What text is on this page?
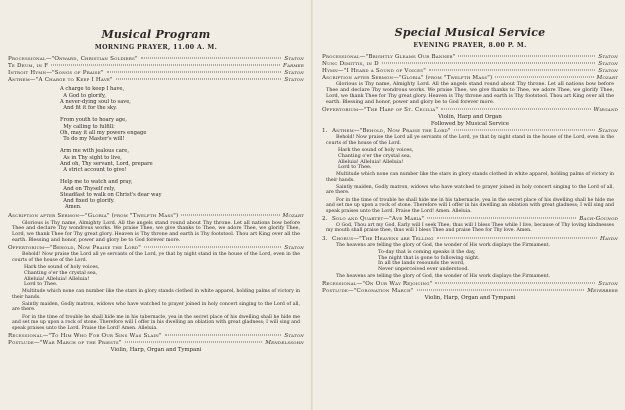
Musical Program
MORNING PRAYER, 11.00 A. M.
Processional—"Onward, Christian Soldiers"	Staton
Te Deum, in F	Farmer
Introit Hymn—"Songs of Praise"	Staton
Anthem—"A Charge to Keep I Have"	Staton
A charge to keep I have,
A God to glorify,
A never-dying soul to save,
And fit it for the sky.

From youth to hoary age,
My calling to fulfill:
Oh, may it all my powers engage
To do my Master's will!

Arm me with jealous care,
As in Thy sight to live,
And oh, Thy servant, Lord, prepare
A strict account to give!

Help me to watch and pray,
And on Thyself rely,
Steadfast to walk on Christ's dear way
And fixed to glorify.
Amen.
Ascription after Sermon—"Gloria" (from "Twelfth Mass")	Mozart
Glorious is Thy name, Almighty Lord. All the angels stand round about Thy throne. Let all nations bow before Thee and declare Thy wondrous works. We praise Thee, we give thanks to Thee, we adore Thee, we glorify Thee, Lord, we thank Thee for Thy great glory. Heaven is Thy throne and earth is Thy footstool. Thou art King over all the earth. Blessing and honor, power and glory be to God forever more.
Offertorium—"Behold, Now Praise the Lord"	Staton
Behold! Now praise the Lord all ye servants of the Lord, ye that by night stand in the house of the Lord, even in the courts of the house of the Lord.
Hark the sound of holy voices,
Chanting o'er the crystal sea,
Alleluia! Alleluia! Alleluia!
Lord to Thee.
Multitude which none can number like the stars in glory stands clothed in white apparel, holding palms of victory in their hands.
Saintly maiden, Godly matron, widows who have watched to prayer joined in holy concert singing to the Lord of all, are there.
For in the time of trouble he shall hide me in his tabernacle, yea in the secret place of his dwelling shall he hide me and set me up upon a rock of stone. Therefore will I offer in his dwelling an oblation with great gladness; I will sing and speak praises unto the Lord. Praise the Lord! Amen. Alleluia.
Recessional—"To Him Who For Our Sins Was Slain"	Staton
Postlude—"War March of the Priests"	Mendelssohn
Violin, Harp, Organ and Tympani
Special Musical Service
EVENING PRAYER, 8.00 P. M.
Processional—"Brightly Gleams Our Banner"	Staton
Nunc Dimittis, in D	Staton
Hymn—"I Heard a Sound of Voices"	Staton
Ascription after Sermon—"Gloria" (from "Twelfth Mass")	Mozart
Glorious is Thy name, Almighty Lord. All the angels stand round about Thy throne. Let all nations bow before Thee and declare Thy wondrous works. We praise Thee, we give thanks to Thee, we adore Thee, we glorify Thee, Lord, we thank Thee for Thy great glory. Heaven is Thy throne and earth is Thy footstool. Thou art King over all the earth. Blessing and honor, power and glory be to God forever more.
Offertorium—"The Harp of St. Cecilia"	Wiegand
Violin, Harp and Organ
Followed by Musical Service
1. Anthem—"Behold, Now Praise the Lord"	Staton
Behold! Now praise the Lord all ye servants of the Lord, ye that by night stand in the house of the Lord, even in the courts of the house of the Lord.
Hark the sound of holy voices,
Chanting o'er the crystal sea,
Alleluia! Alleluia! Alleluia!
Lord to Thee.
Multitude which none can number like the stars in glory stands clothed in white apparel, holding palms of victory in their hands.
Saintly maiden, Godly matron, widows who have watched to prayer joined in holy concert singing to the Lord of all, are there.
For in the time of trouble he shall hide me in his tabernacle, yea in the secret place of his dwelling shall he hide me and set me up upon a rock of stone. Therefore will I offer in his dwelling an oblation with great gladness; I will sing and speak praises unto the Lord. Praise the Lord! Amen. Alleluia.
2. Solo and Quartet—"Ave Maria"	Bach-Gounod
O God, Thou art my God. Early will I seek Thee, thus will I bless Thee while I live, because of Thy loving kindnesses my mouth shall praise thee, thus will I bless Thee and praise Thee for Thy love. Amen.
3. Chorus—"The Heavens are Telling	Haydn
The heavens are telling the glory of God, the wonder of His work displays the Firmament.
To-day that is coming speaks it the day,
The night that is gone to following night.
In all the lands resounds the word,
Never unperceived ever understood.
The heavens are telling the glory of God, the wonder of His work displays the Firmament.
Recessional—"On Our Way Rejoicing"	Staton
Postlude—"Coronation March"	Meyerbeer
Violin, Harp, Organ and Tympani
